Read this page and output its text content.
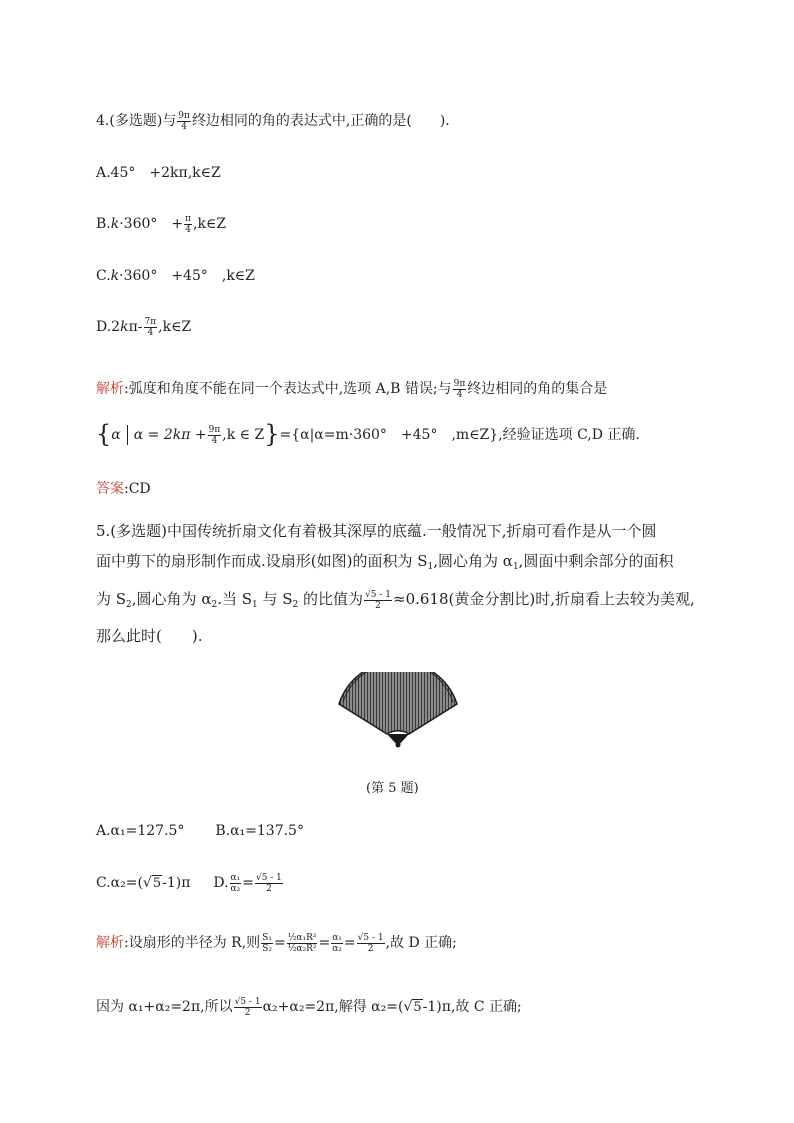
4.(多选题)与 $\frac{9\pi}{4}$ 终边相同的角的表达式中,正确的是(　　).
A.45°　+2kπ,k∈Z
B.k·360°　+ $\frac{\pi}{4}$ ,k∈Z
C.k·360°　+45°　,k∈Z
$D.2k\pi- \frac{7\pi}{4}$ ,k∈Z
解析:弧度和角度不能在同一个表达式中,选项 A,B 错误;与 $\frac{9\pi}{4}$ 终边相同的角的集合是
{α $\alpha = 2k\pi + \frac{9\pi}{4} ,k$ ∈ Z}={α|α=m·360°　+45°　,m∈Z},经验证选项 C,D 正确.
答案:CD
5.(多选题)中国传统折扇文化有着极其深厚的底蕴.一般情况下,折扇可看作是从一个圆
面中剪下的扇形制作而成.设扇形(如图)的面积为 $S_1$,圆心角为 $\alpha_1$,圆面中剩余部分的面积
为 $S_2$,圆心角为 $\alpha_2$.当 $S_1$ 与 $S_2$ 的比值为 $\frac{√5 - 1}{2} \approx 0.618$(黄金分割比)时,折扇看上去较为美观,
那么此时(　　).
(第 5 题)
A.α₁=127.5° B.α₁=137.5°
C.α₂=(√5-1)π D. $\frac{\text{α₁}}{\text{α₂}} = \frac{√5 - 1}{2}$
解析:设扇形的半径为 R,则 $\frac{\text{S₁}}{\text{S₂}} = \frac{\text{½α₁R²}}{\text{½α₂R²}} = \frac{\text{α₁}}{\text{α₂}} = \frac{√5 - 1}{2}$ ,故 D 正确;
因为 α₁+α₂=2π,所以 $\frac{√5 - 1}{2} \alpha_2+\alpha_2=2\pi$,解得 α₂=(√5-1)π,故 C 正确;
